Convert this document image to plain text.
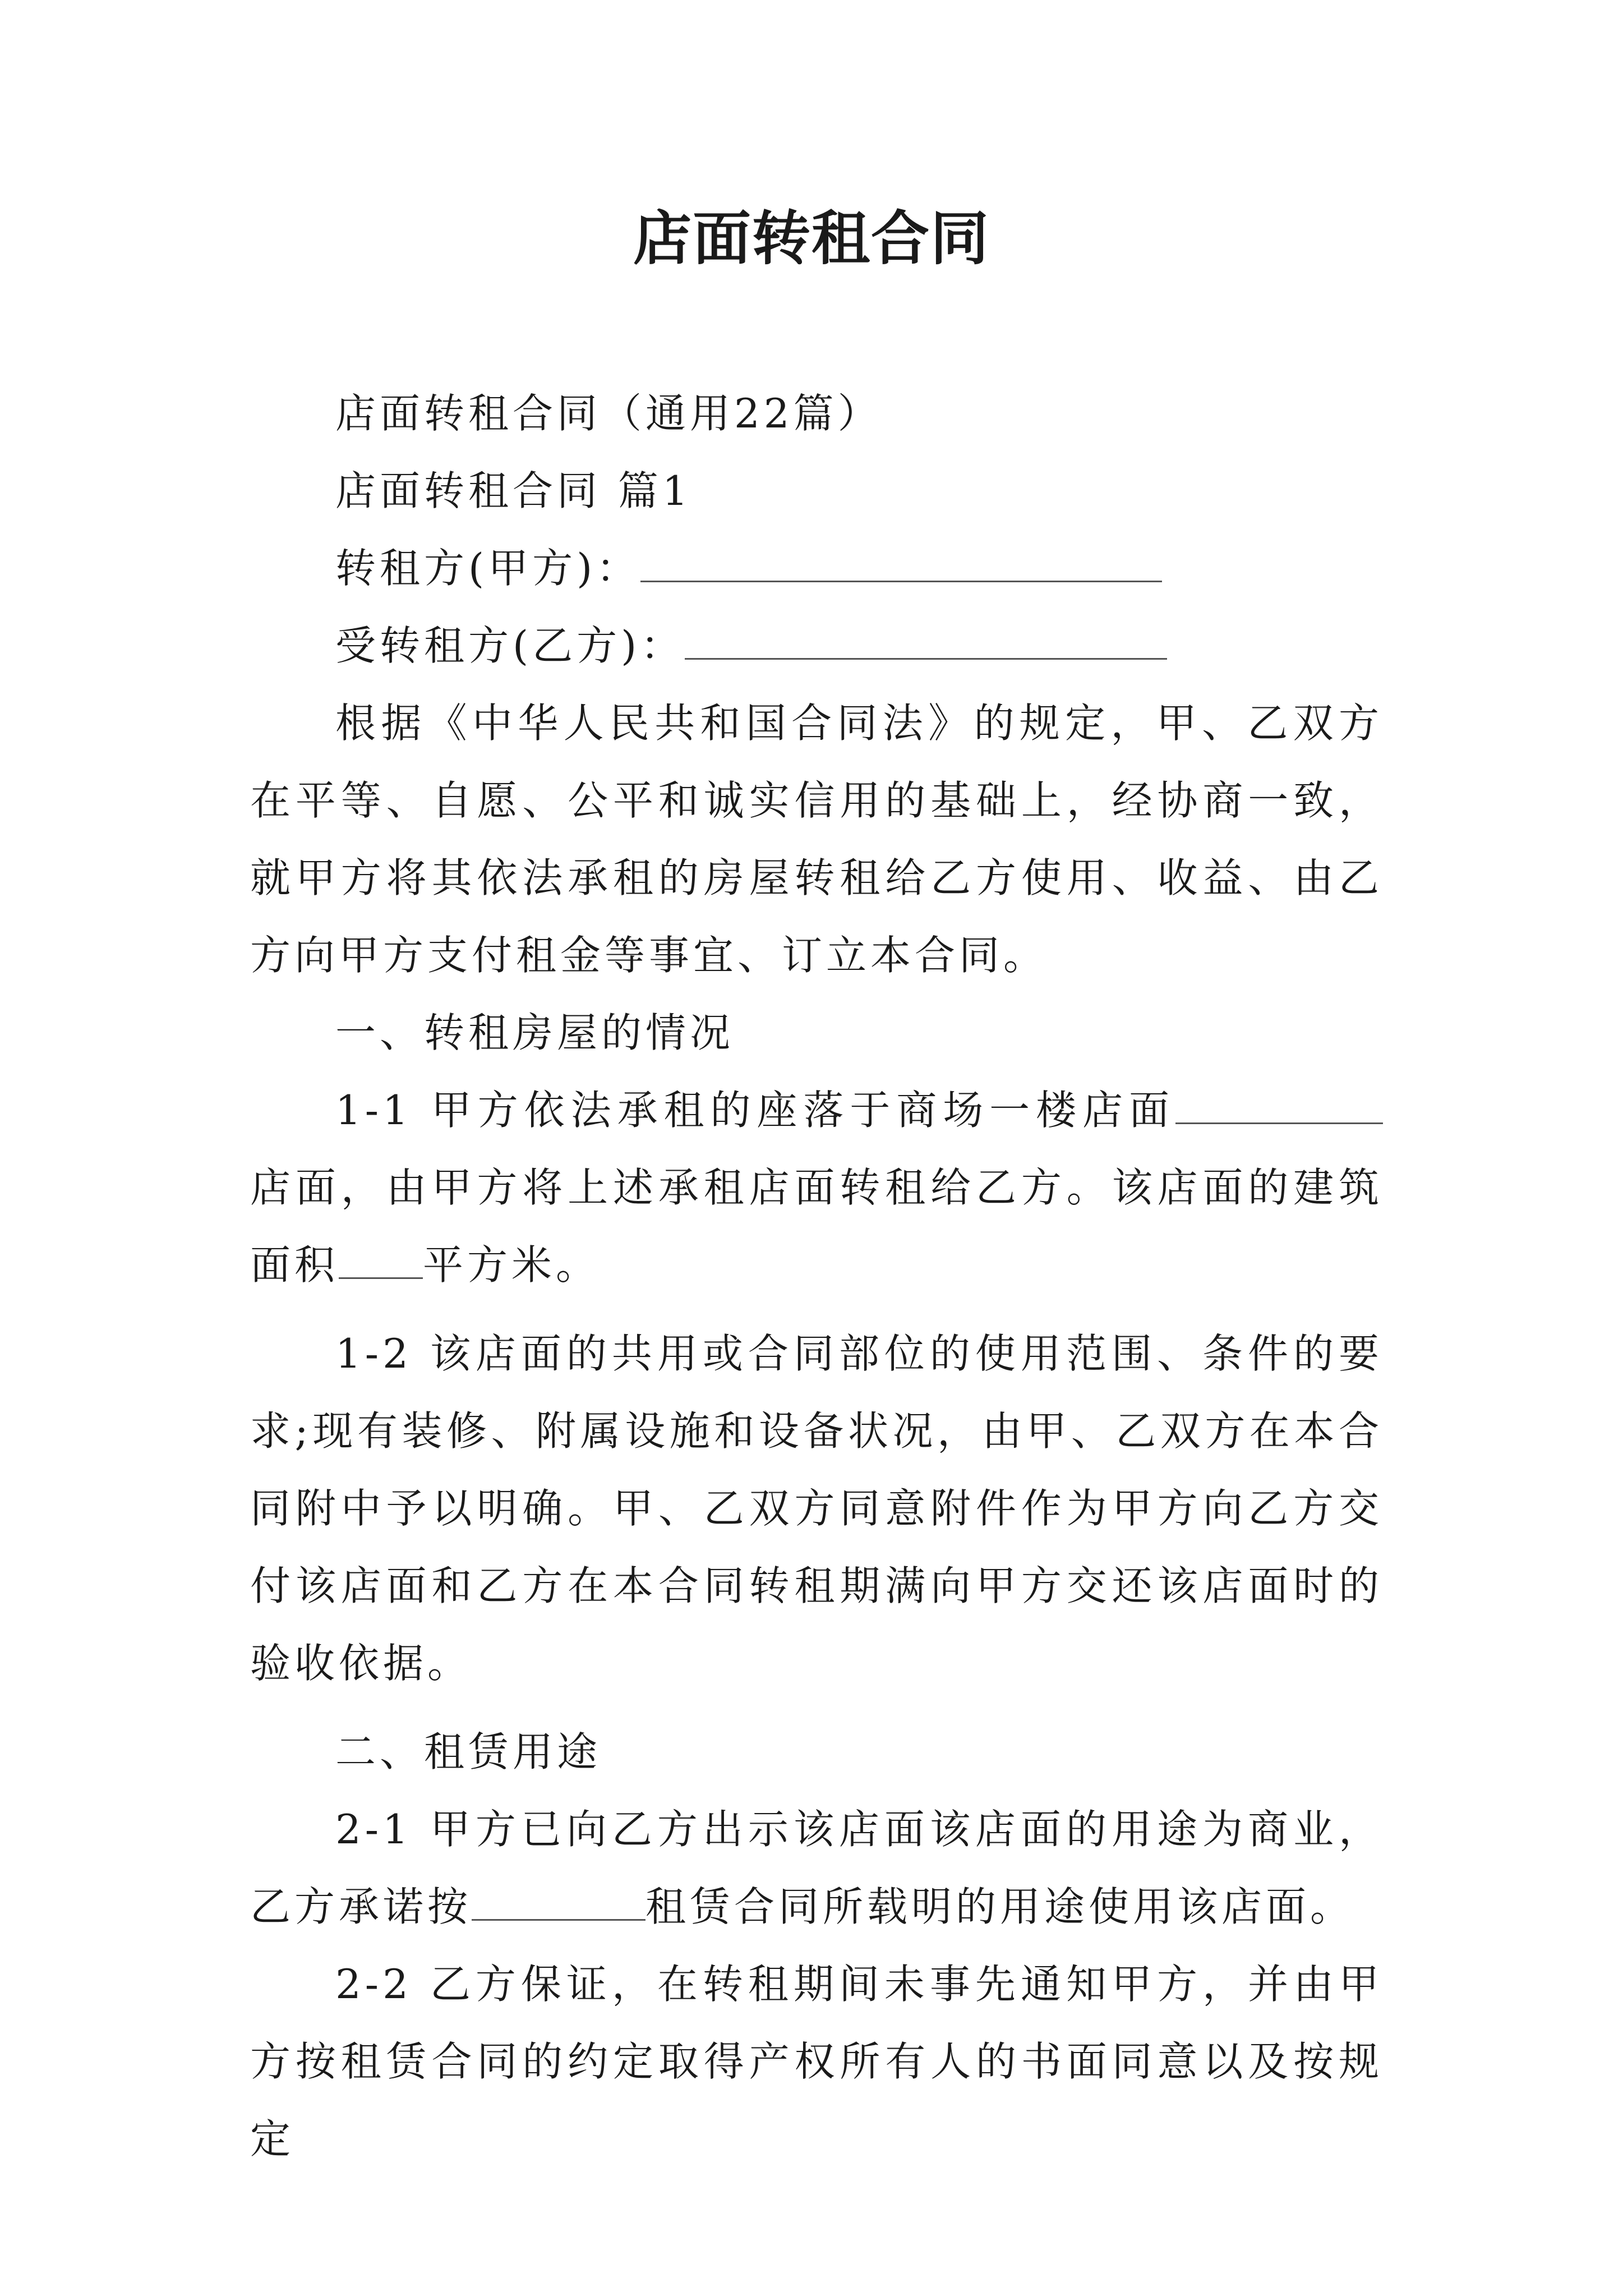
店面转租合同

店面转租合同（通用22篇）

店面转租合同 篇1

转租方(甲方)：

受转租方(乙方)：

根据《中华人民共和国合同法》的规定，甲、乙双方在平等、自愿、公平和诚实信用的基础上，经协商一致，就甲方将其依法承租的房屋转租给乙方使用、收益、由乙方向甲方支付租金等事宜、订立本合同。

一、转租房屋的情况

1-1 甲方依法承租的座落于商场一楼店面店面，由甲方将上述承租店面转租给乙方。该店面的建筑面积 平方米。

1-2 该店面的共用或合同部位的使用范围、条件的要求;现有装修、附属设施和设备状况，由甲、乙双方在本合同附中予以明确。甲、乙双方同意附件作为甲方向乙方交付该店面和乙方在本合同转租期满向甲方交还该店面时的验收依据。

二、租赁用途

2-1 甲方已向乙方出示该店面该店面的用途为商业，乙方承诺按	租赁合同所载明的用途使用该店面。

2-2 乙方保证，在转租期间未事先通知甲方，并由甲方按租赁合同的约定取得产权所有人的书面同意以及按规定
